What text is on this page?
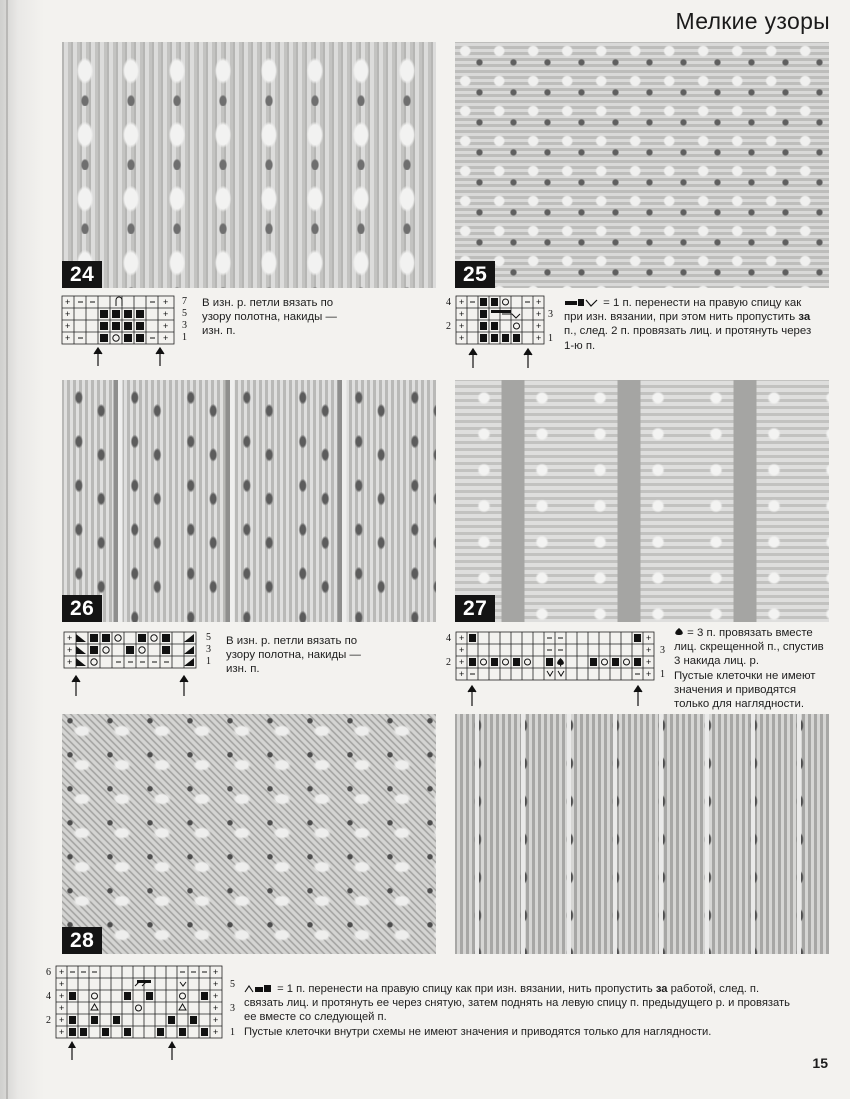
Мелкие узоры
24	25
26	27
28
+
+
+
+
+
+
+
+
7
5
3
1
В изн. р. петли вязать по
узору полотна, накиды —
изн. п.
4
2
3
1
+
+
+
+
+
+
+
+
= 1 п. перенести на правую спицу как
при изн. вязании, при этом нить пропустить за
п., след. 2 п. провязать лиц. и протянуть через
1-ю п.
+
+
+
5
3
1
В изн. р. петли вязать по
узору полотна, накиды —
изн. п.
4
2
3
1
+
+
+
+
+
+
+
+
= 3 п. провязать вместе
лиц. скрещенной п., спустив
3 накида лиц. р.
Пустые клеточки не имеют
значения и приводятся
только для наглядности.
6
4
2
5
3
1
+
+
+
+
+
+
+
+
+
+
+
+
= 1 п. перенести на правую спицу как при изн. вязании, нить пропустить за работой, след. п.
связать лиц. и протянуть ее через снятую, затем поднять на левую спицу п. предыдущего р. и провязать
ее вместе со следующей п.
Пустые клеточки внутри схемы не имеют значения и приводятся только для наглядности.
15
